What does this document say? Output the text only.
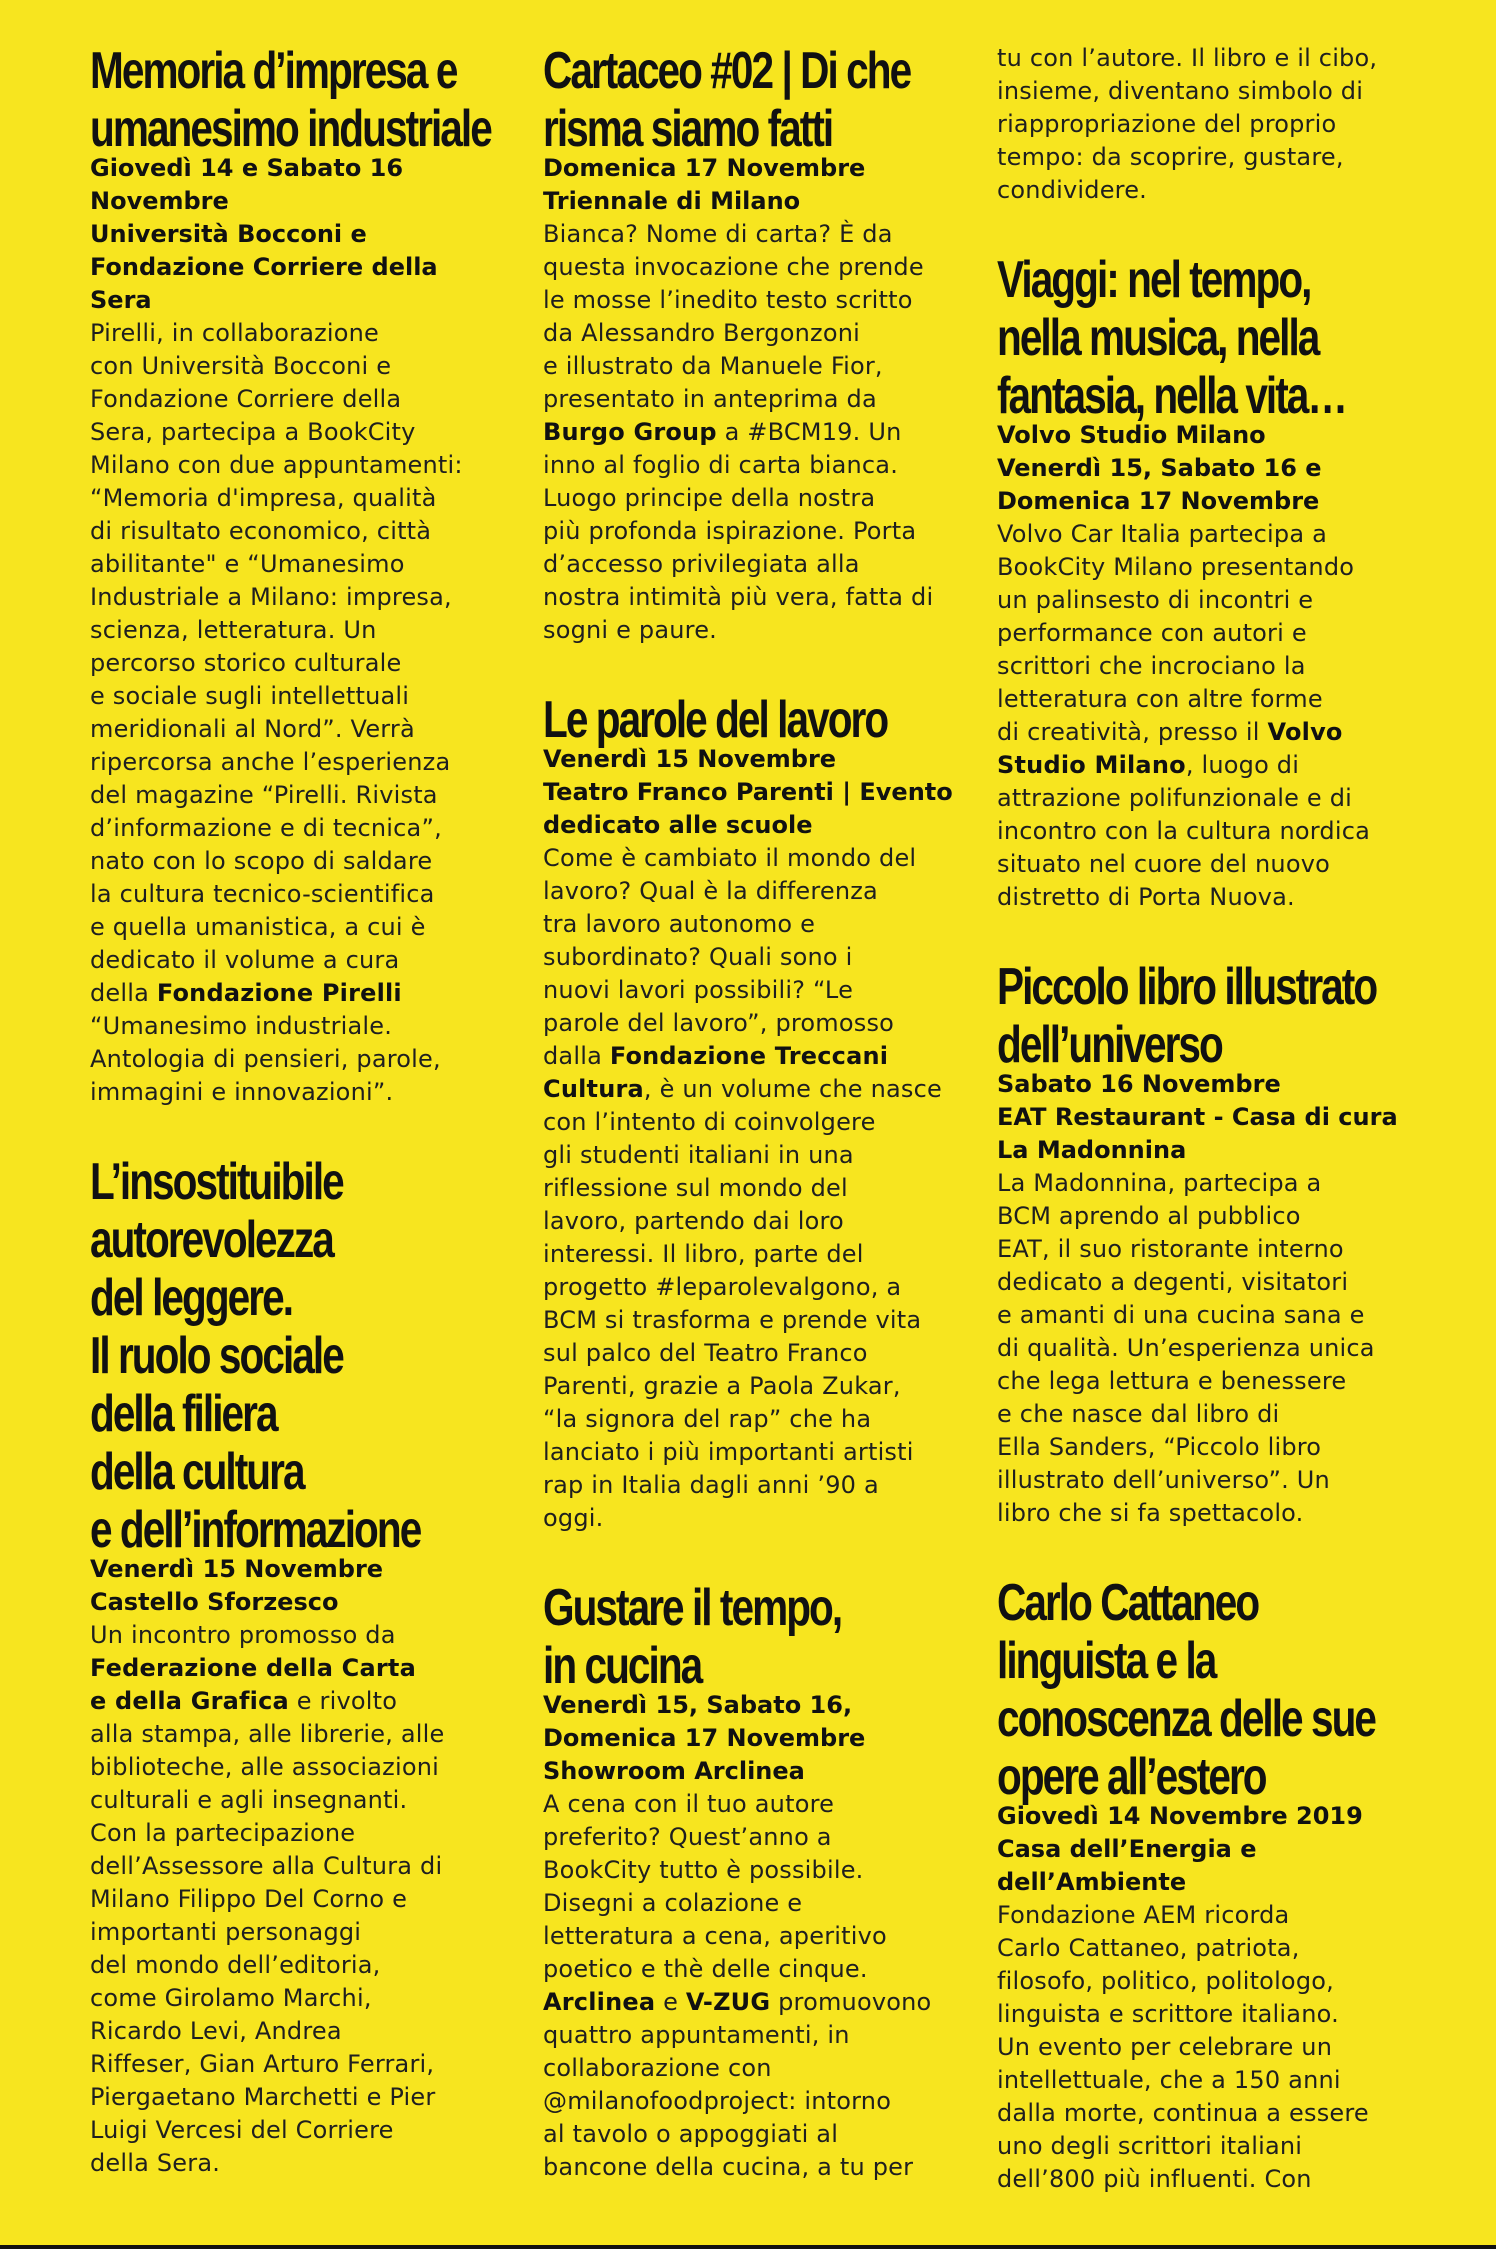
Memoria d’impresa e
umanesimo industriale
Giovedì 14 e Sabato 16
Novembre
Università Bocconi e
Fondazione Corriere della
Sera
Pirelli, in collaborazione
con Università Bocconi e
Fondazione Corriere della
Sera, partecipa a BookCity
Milano con due appuntamenti:
“Memoria d'impresa, qualità
di risultato economico, città
abilitante" e “Umanesimo
Industriale a Milano: impresa,
scienza, letteratura. Un
percorso storico culturale
e sociale sugli intellettuali
meridionali al Nord”. Verrà
ripercorsa anche l’esperienza
del magazine “Pirelli. Rivista
d’informazione e di tecnica”,
nato con lo scopo di saldare
la cultura tecnico-scientifica
e quella umanistica, a cui è
dedicato il volume a cura
della Fondazione Pirelli
“Umanesimo industriale.
Antologia di pensieri, parole,
immagini e innovazioni”.
L’insostituibile
autorevolezza
del leggere.
Il ruolo sociale
della filiera
della cultura
e dell’informazione
Venerdì 15 Novembre
Castello Sforzesco
Un incontro promosso da
Federazione della Carta
e della Grafica e rivolto
alla stampa, alle librerie, alle
biblioteche, alle associazioni
culturali e agli insegnanti.
Con la partecipazione
dell’Assessore alla Cultura di
Milano Filippo Del Corno e
importanti personaggi
del mondo dell’editoria,
come Girolamo Marchi,
Ricardo Levi, Andrea
Riffeser, Gian Arturo Ferrari,
Piergaetano Marchetti e Pier
Luigi Vercesi del Corriere
della Sera.
Cartaceo #02 | Di che
risma siamo fatti
Domenica 17 Novembre
Triennale di Milano
Bianca? Nome di carta? È da
questa invocazione che prende
le mosse l’inedito testo scritto
da Alessandro Bergonzoni
e illustrato da Manuele Fior,
presentato in anteprima da
Burgo Group a #BCM19. Un
inno al foglio di carta bianca.
Luogo principe della nostra
più profonda ispirazione. Porta
d’accesso privilegiata alla
nostra intimità più vera, fatta di
sogni e paure.
Le parole del lavoro
Venerdì 15 Novembre
Teatro Franco Parenti | Evento
dedicato alle scuole
Come è cambiato il mondo del
lavoro? Qual è la differenza
tra lavoro autonomo e
subordinato? Quali sono i
nuovi lavori possibili? “Le
parole del lavoro”, promosso
dalla Fondazione Treccani
Cultura, è un volume che nasce
con l’intento di coinvolgere
gli studenti italiani in una
riflessione sul mondo del
lavoro, partendo dai loro
interessi. Il libro, parte del
progetto #leparolevalgono, a
BCM si trasforma e prende vita
sul palco del Teatro Franco
Parenti, grazie a Paola Zukar,
“la signora del rap” che ha
lanciato i più importanti artisti
rap in Italia dagli anni ’90 a
oggi.
Gustare il tempo,
in cucina
Venerdì 15, Sabato 16,
Domenica 17 Novembre
Showroom Arclinea
A cena con il tuo autore
preferito? Quest’anno a
BookCity tutto è possibile.
Disegni a colazione e
letteratura a cena, aperitivo
poetico e thè delle cinque.
Arclinea e V-ZUG promuovono
quattro appuntamenti, in
collaborazione con
@milanofoodproject: intorno
al tavolo o appoggiati al
bancone della cucina, a tu per
tu con l’autore. Il libro e il cibo,
insieme, diventano simbolo di
riappropriazione del proprio
tempo: da scoprire, gustare,
condividere.
Viaggi: nel tempo,
nella musica, nella
fantasia, nella vita…
Volvo Studio Milano
Venerdì 15, Sabato 16 e
Domenica 17 Novembre
Volvo Car Italia partecipa a
BookCity Milano presentando
un palinsesto di incontri e
performance con autori e
scrittori che incrociano la
letteratura con altre forme
di creatività, presso il Volvo
Studio Milano, luogo di
attrazione polifunzionale e di
incontro con la cultura nordica
situato nel cuore del nuovo
distretto di Porta Nuova.
Piccolo libro illustrato
dell’universo
Sabato 16 Novembre
EAT Restaurant - Casa di cura
La Madonnina
La Madonnina, partecipa a
BCM aprendo al pubblico
EAT, il suo ristorante interno
dedicato a degenti, visitatori
e amanti di una cucina sana e
di qualità. Un’esperienza unica
che lega lettura e benessere
e che nasce dal libro di
Ella Sanders, “Piccolo libro
illustrato dell’universo”. Un
libro che si fa spettacolo.
Carlo Cattaneo
linguista e la
conoscenza delle sue
opere all’estero
Giovedì 14 Novembre 2019
Casa dell’Energia e
dell’Ambiente
Fondazione AEM ricorda
Carlo Cattaneo, patriota,
filosofo, politico, politologo,
linguista e scrittore italiano.
Un evento per celebrare un
intellettuale, che a 150 anni
dalla morte, continua a essere
uno degli scrittori italiani
dell’800 più influenti. Con
